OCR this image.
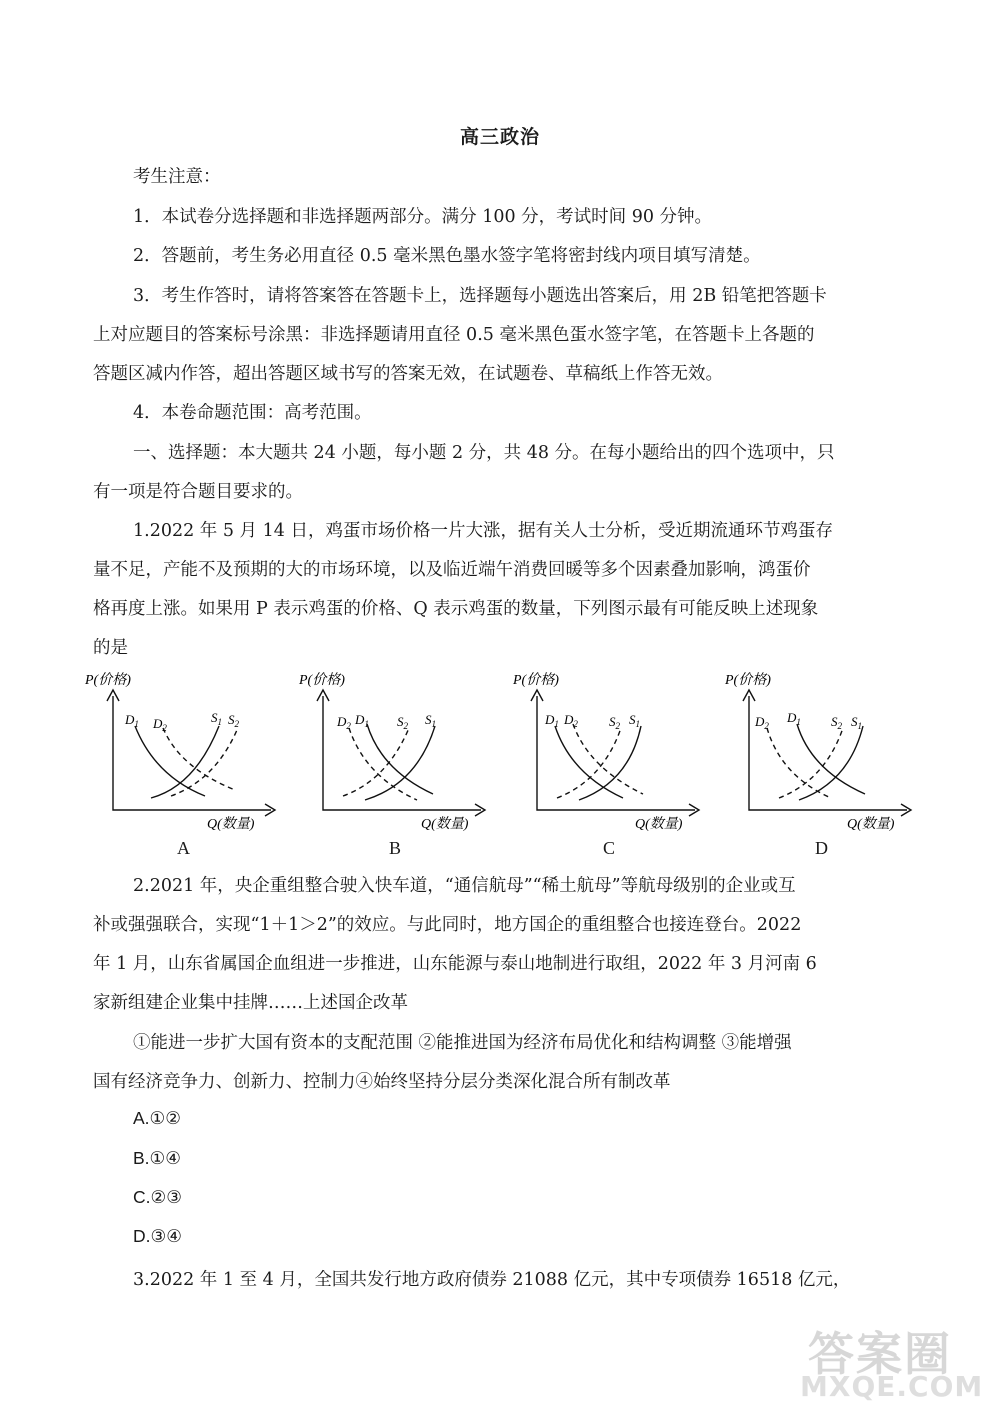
高三政治
考生注意：
1．本试卷分选择题和非选择题两部分。满分 100 分，考试时间 90 分钟。
2．答题前，考生务必用直径 0.5 毫米黑色墨水签字笔将密封线内项目填写清楚。
3．考生作答时，请将答案答在答题卡上，选择题每小题选出答案后，用 2B 铅笔把答题卡
上对应题目的答案标号涂黑：非选择题请用直径 0.5 毫米黑色蛋水签字笔，在答题卡上各题的
答题区减内作答，超出答题区域书写的答案无效，在试题卷、草稿纸上作答无效。
4．本卷命题范围：高考范围。
一、选择题：本大题共 24 小题，每小题 2 分，共 48 分。在每小题给出的四个选项中，只
有一项是符合题目要求的。
1.2022 年 5 月 14 日，鸡蛋市场价格一片大涨，据有关人士分析，受近期流通环节鸡蛋存
量不足，产能不及预期的大的市场环境，以及临近端午消费回暖等多个因素叠加影响，鸿蛋价
格再度上涨。如果用 P 表示鸡蛋的价格、Q 表示鸡蛋的数量，下列图示最有可能反映上述现象
的是
P(价格)
Q(数量)
$D_1$ $D_2$
$S_1$ $S_2$
A
P(价格)
Q(数量)
$D_2$ $D_1$ $S_2$ $S_1$
B
P(价格)
Q(数量)
$D_1$ $D_2$ $S_2$ $S_1$
C
P(价格)
Q(数量)
$D_2$
$D_1$ $S_2$ $S_1$
D
2.2021 年，央企重组整合驶入快车道，“通信航母”“稀土航母”等航母级别的企业或互
补或强强联合，实现“1＋1＞2”的效应。与此同时，地方国企的重组整合也接连登台。2022
年 1 月，山东省属国企血组进一步推进，山东能源与泰山地制进行取组，2022 年 3 月河南 6
家新组建企业集中挂牌……上述国企改革
①能进一步扩大国有资本的支配范围 ②能推进国为经济布局优化和结构调整 ③能增强
国有经济竞争力、创新力、控制力④始终坚持分层分类深化混合所有制改革
A.①②
B.①④
C.②③
D.③④
3.2022 年 1 至 4 月，全国共发行地方政府债券 21088 亿元，其中专项债券 16518 亿元，
答案圈
MXQE.COM
